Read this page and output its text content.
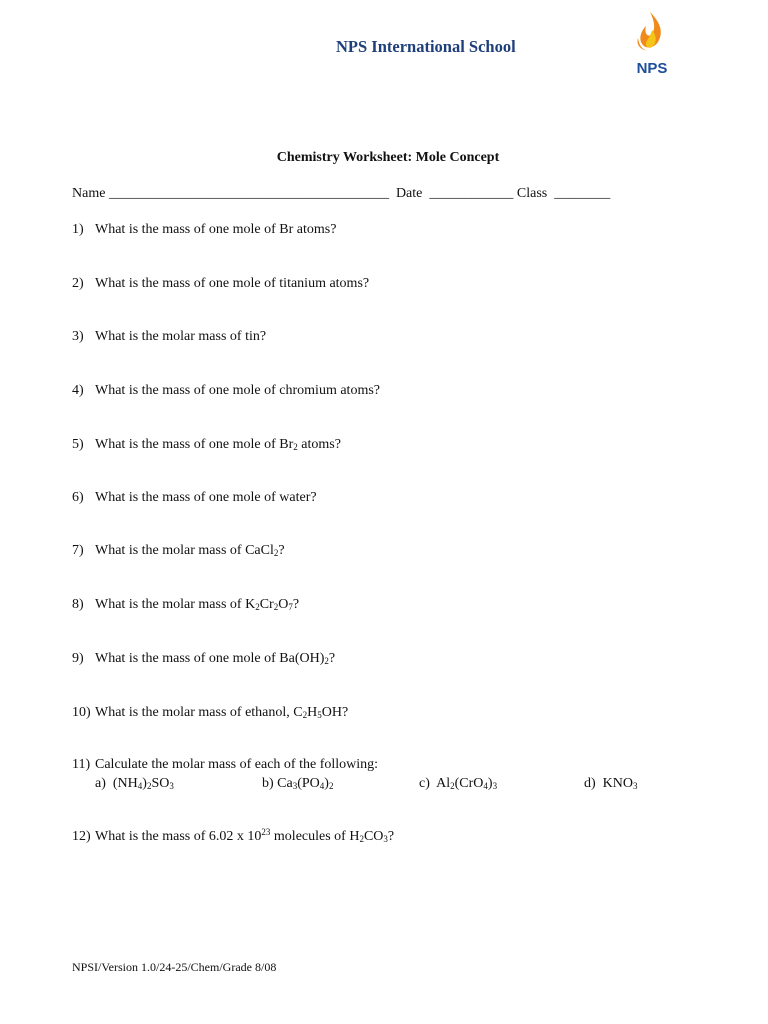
NPS International School
NPS
Chemistry Worksheet: Mole Concept
Name ________________________________________ Date ____________ Class ________
1) What is the mass of one mole of Br atoms?
2) What is the mass of one mole of titanium atoms?
3) What is the molar mass of tin?
4) What is the mass of one mole of chromium atoms?
5) What is the mass of one mole of $Br_2$ atoms?
6) What is the mass of one mole of water?
7) What is the molar mass of CaCl$_2$?
8) What is the molar mass of $K_2Cr_2O_7$?
9) What is the mass of one mole of $Ba(OH)_2$?
10) What is the molar mass of ethanol, $C_2H_5OH$?
11) Calculate the molar mass of each of the following:
a) $(NH_4)_2SO_3$	b) $Ca_3(PO_4)_2$	c) $Al_2(CrO_4)_3$	d) $KNO_3$
12) What is the mass of 6.02 x $10^{23}$ molecules of $H_2CO_3$?
NPSI/Version 1.0/24-25/Chem/Grade 8/08
